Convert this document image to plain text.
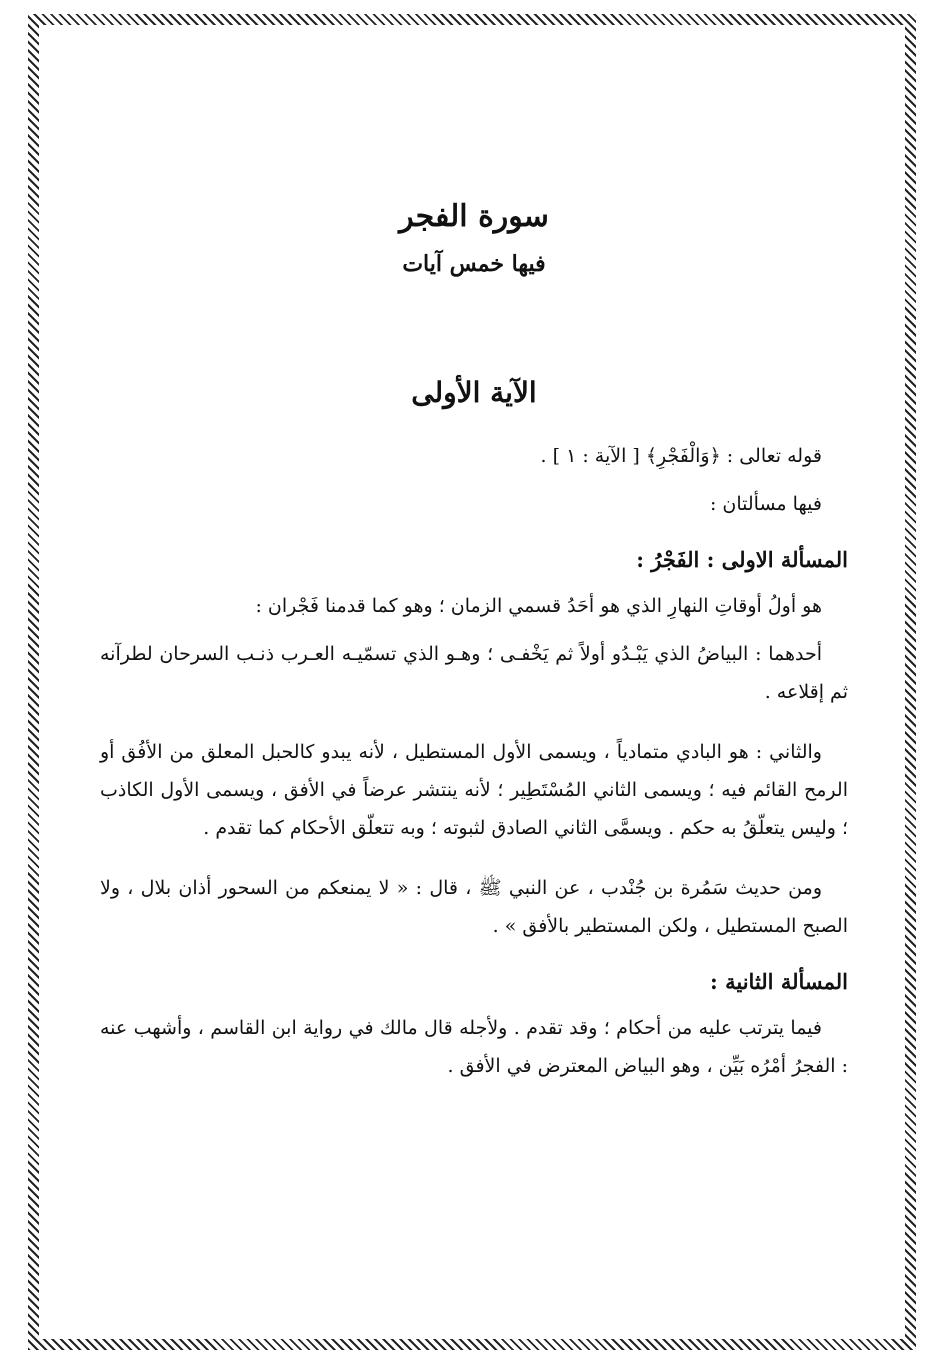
سورة الفجر
فيها خمس آيات
الآية الأولى

قوله تعالى : ﴿وَالْفَجْرِ﴾ [ الآية : ١ ] .

فيها مسألتان :

المسألة الاولى : الفَجْرُ :

هو أولُ أوقاتِ النهارِ الذي هو أحَدُ قسمي الزمان ؛ وهو كما قدمنا فَجْران :

أحدهما : البياضُ الذي يَبْـدُو أولاً ثم يَخْفـى ؛ وهـو الذي تسمّيـه العـرب ذنـب السرحان لطرآنه ثم إقلاعه .

والثاني : هو البادي متمادياً ، ويسمى الأول المستطيل ، لأنه يبدو كالحبل المعلق من الأفُق أو الرمح القائم فيه ؛ ويسمى الثاني المُسْتَطِير ؛ لأنه ينتشر عرضاً في الأفق ، ويسمى الأول الكاذب ؛ وليس يتعلّقُ به حكم . ويسمَّى الثاني الصادق لثبوته ؛ وبه تتعلّق الأحكام كما تقدم .

ومن حديث سَمُرة بن جُنْدب ، عن النبي ﷺ ، قال : « لا يمنعكم من السحور أذان بلال ، ولا الصبح المستطيل ، ولكن المستطير بالأفق » .

المسألة الثانية :

فيما يترتب عليه من أحكام ؛ وقد تقدم . ولأجله قال مالك في رواية ابن القاسم ، وأشهب عنه : الفجرُ أمْرُه بَيِّن ، وهو البياض المعترض في الأفق .
